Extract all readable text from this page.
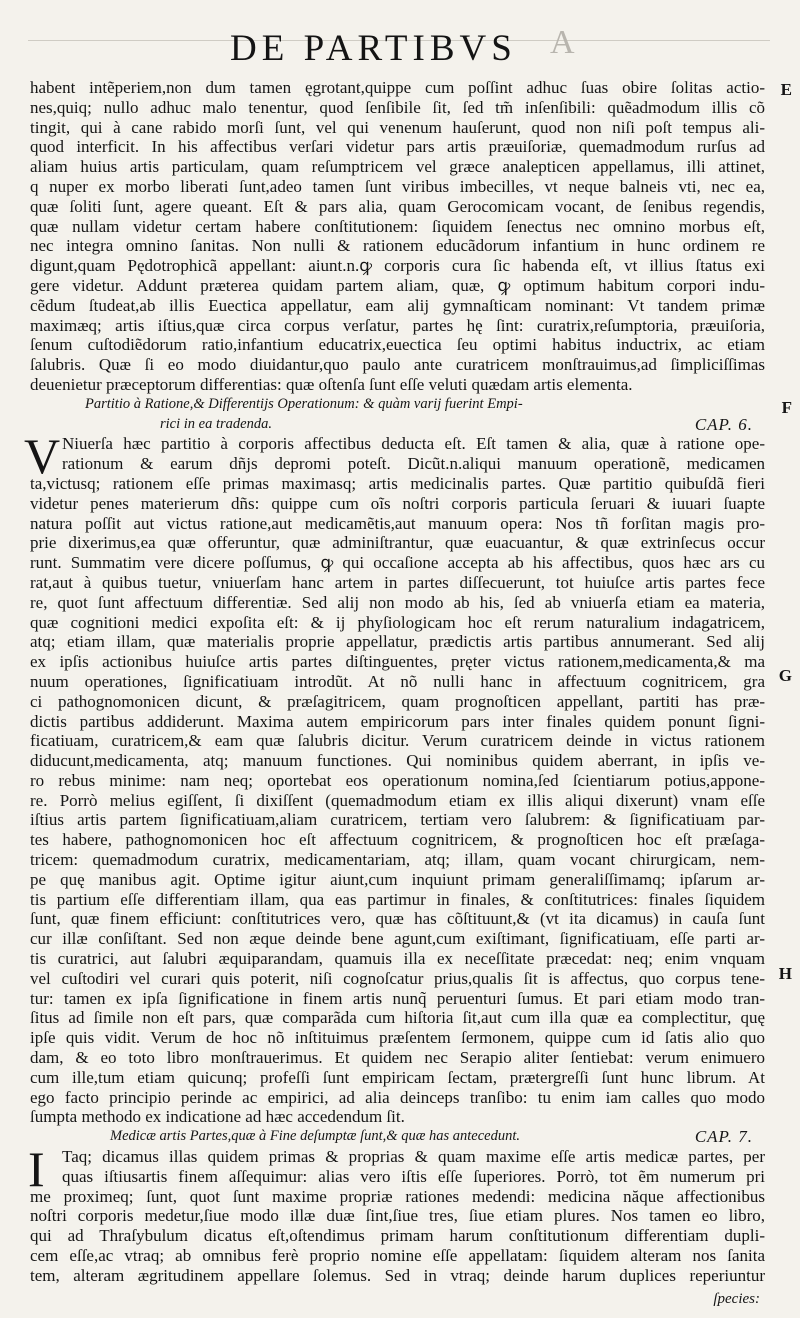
DE PARTIBVS A
E
F
G
H
habent intẽperiem,non dum tamen ęgrotant,quippe cum poſſint adhuc ſuas obire ſolitas actio-
nes,quiq; nullo adhuc malo tenentur, quod ſenſibile ſit, ſed tm̃ inſenſibili: quẽadmodum illis cõ
tingit, qui à cane rabido morſi ſunt, vel qui venenum hauſerunt, quod non niſi poſt tempus ali-
quod interficit. In his affectibus verſari videtur pars artis præuiſoriæ, quemadmodum rurſus ad
aliam huius artis particulam, quam reſumptricem vel græce analepticen appellamus, illi attinet,
q nuper ex morbo liberati ſunt,adeo tamen ſunt viribus imbecilles, vt neque balneis vti, nec ea,
quæ ſoliti ſunt, agere queant. Eſt & pars alia, quam Gerocomicam vocant, de ſenibus regendis,
quæ nullam videtur certam habere conſtitutionem: ſiquidem ſenectus nec omnino morbus eſt,
nec integra omnino ſanitas. Non nulli & rationem educãdorum infantium in hunc ordinem re
digunt,quam Pędotrophicã appellant: aiunt.n.ꝙ corporis cura ſic habenda eſt, vt illius ſtatus exi
gere videtur. Addunt præterea quidam partem aliam, quæ, ꝙ optimum habitum corpori indu-
cẽdum ſtudeat,ab illis Euectica appellatur, eam alij gymnaſticam nominant: Vt tandem primæ
maximæq; artis iſtius,quæ circa corpus verſatur, partes hę ſint: curatrix,reſumptoria, præuiſoria,
ſenum cuſtodiẽdorum ratio,infantium educatrix,euectica ſeu optimi habitus inductrix, ac etiam
ſalubris. Quæ ſi eo modo diuidantur,quo paulo ante curatricem monſtrauimus,ad ſimpliciſſimas
deuenietur præceptorum differentias: quæ oſtenſa ſunt eſſe veluti quædam artis elementa.
Partitio à Ratione,& Differentijs Operationum: & quàm varij fuerint Empi-
rici in ea tradenda.	CAP. 6.
V Niuerſa hæc partitio à corporis affectibus deducta eſt. Eſt tamen & alia, quæ à ratione ope-
rationum & earum dñjs depromi poteſt. Dicũt.n.aliqui manuum operationẽ, medicamen
ta,victusq; rationem eſſe primas maximasq; artis medicinalis partes. Quæ partitio quibuſdã fieri
videtur penes materierum dñs: quippe cum oĩs noſtri corporis particula ſeruari & iuuari ſuapte
natura poſſit aut victus ratione,aut medicamẽtis,aut manuum opera: Nos tñ forſitan magis pro-
prie dixerimus,ea quæ offeruntur, quæ adminiſtrantur, quæ euacuantur, & quæ extrinſecus occur
runt. Summatim vere dicere poſſumus, ꝙ qui occaſione accepta ab his affectibus, quos hæc ars cu
rat,aut à quibus tuetur, vniuerſam hanc artem in partes diſſecuerunt, tot huiuſce artis partes fece
re, quot ſunt affectuum differentiæ. Sed alij non modo ab his, ſed ab vniuerſa etiam ea materia,
quæ cognitioni medici expoſita eſt: & ij phyſiologicam hoc eſt rerum naturalium indagatricem,
atq; etiam illam, quæ materialis proprie appellatur, prædictis artis partibus annumerant. Sed alij
ex ipſis actionibus huiuſce artis partes diſtinguentes, pręter victus rationem,medicamenta,& ma
nuum operationes, ſignificatiuam introdũt. At nõ nulli hanc in affectuum cognitricem, gra
ci pathognomonicen dicunt, & præſagitricem, quam prognoſticen appellant, partiti has præ-
dictis partibus addiderunt. Maxima autem empiricorum pars inter finales quidem ponunt ſigni-
ficatiuam, curatricem,& eam quæ ſalubris dicitur. Verum curatricem deinde in victus rationem
diducunt,medicamenta, atq; manuum functiones. Qui nominibus quidem aberrant, in ipſis ve-
ro rebus minime: nam neq; oportebat eos operationum nomina,ſed ſcientiarum potius,appone-
re. Porrò melius egiſſent, ſi dixiſſent (quemadmodum etiam ex illis aliqui dixerunt) vnam eſſe
iſtius artis partem ſignificatiuam,aliam curatricem, tertiam vero ſalubrem: & ſignificatiuam par-
tes habere, pathognomonicen hoc eſt affectuum cognitricem, & prognoſticen hoc eſt præſaga-
tricem: quemadmodum curatrix, medicamentariam, atq; illam, quam vocant chirurgicam, nem-
pe quę manibus agit. Optime igitur aiunt,cum inquiunt primam generaliſſimamq; ipſarum ar-
tis partium eſſe differentiam illam, qua eas partimur in finales, & conſtitutrices: finales ſiquidem
ſunt, quæ finem efficiunt: conſtitutrices vero, quæ has cõſtituunt,& (vt ita dicamus) in cauſa ſunt
cur illæ conſiſtant. Sed non æque deinde bene agunt,cum exiſtimant, ſignificatiuam, eſſe parti ar-
tis curatrici, aut ſalubri æquiparandam, quamuis illa ex neceſſitate præcedat: neq; enim vnquam
vel cuſtodiri vel curari quis poterit, niſi cognoſcatur prius,qualis ſit is affectus, quo corpus tene-
tur: tamen ex ipſa ſignificatione in finem artis nunq̃ peruenturi ſumus. Et pari etiam modo tran-
ſitus ad ſimile non eſt pars, quæ comparãda cum hiſtoria ſit,aut cum illa quæ ea complectitur, quę
ipſe quis vidit. Verum de hoc nõ inſtituimus præſentem ſermonem, quippe cum id ſatis alio quo
dam, & eo toto libro monſtrauerimus. Et quidem nec Serapio aliter ſentiebat: verum enimuero
cum ille,tum etiam quicunq; profeſſi ſunt empiricam ſectam, prætergreſſi ſunt hunc librum. At
ego facto principio perinde ac empirici, ad alia deinceps tranſibo: tu enim iam calles quo modo
ſumpta methodo ex indicatione ad hæc accedendum ſit.
Medicæ artis Partes,quæ à Fine deſumptæ ſunt,& quæ has antecedunt.	CAP. 7.
I	Taq; dicamus illas quidem primas & proprias & quam maxime eſſe artis medicæ partes, per
quas iſtiusartis finem aſſequimur: alias vero iſtis eſſe ſuperiores. Porrò, tot ẽm numerum pri
me proximeq; ſunt, quot ſunt maxime propriæ rationes medendi: medicina năque affectionibus
noſtri corporis medetur,ſiue modo illæ duæ ſint,ſiue tres, ſiue etiam plures. Nos tamen eo libro,
qui ad Thraſybulum dicatus eſt,oſtendimus primam harum conſtitutionum differentiam dupli-
cem eſſe,ac vtraq; ab omnibus ferè proprio nomine eſſe appellatam: ſiquidem alteram nos ſanita
tem, alteram ægritudinem appellare ſolemus. Sed in vtraq; deinde harum duplices reperiuntur
ſpecies:
